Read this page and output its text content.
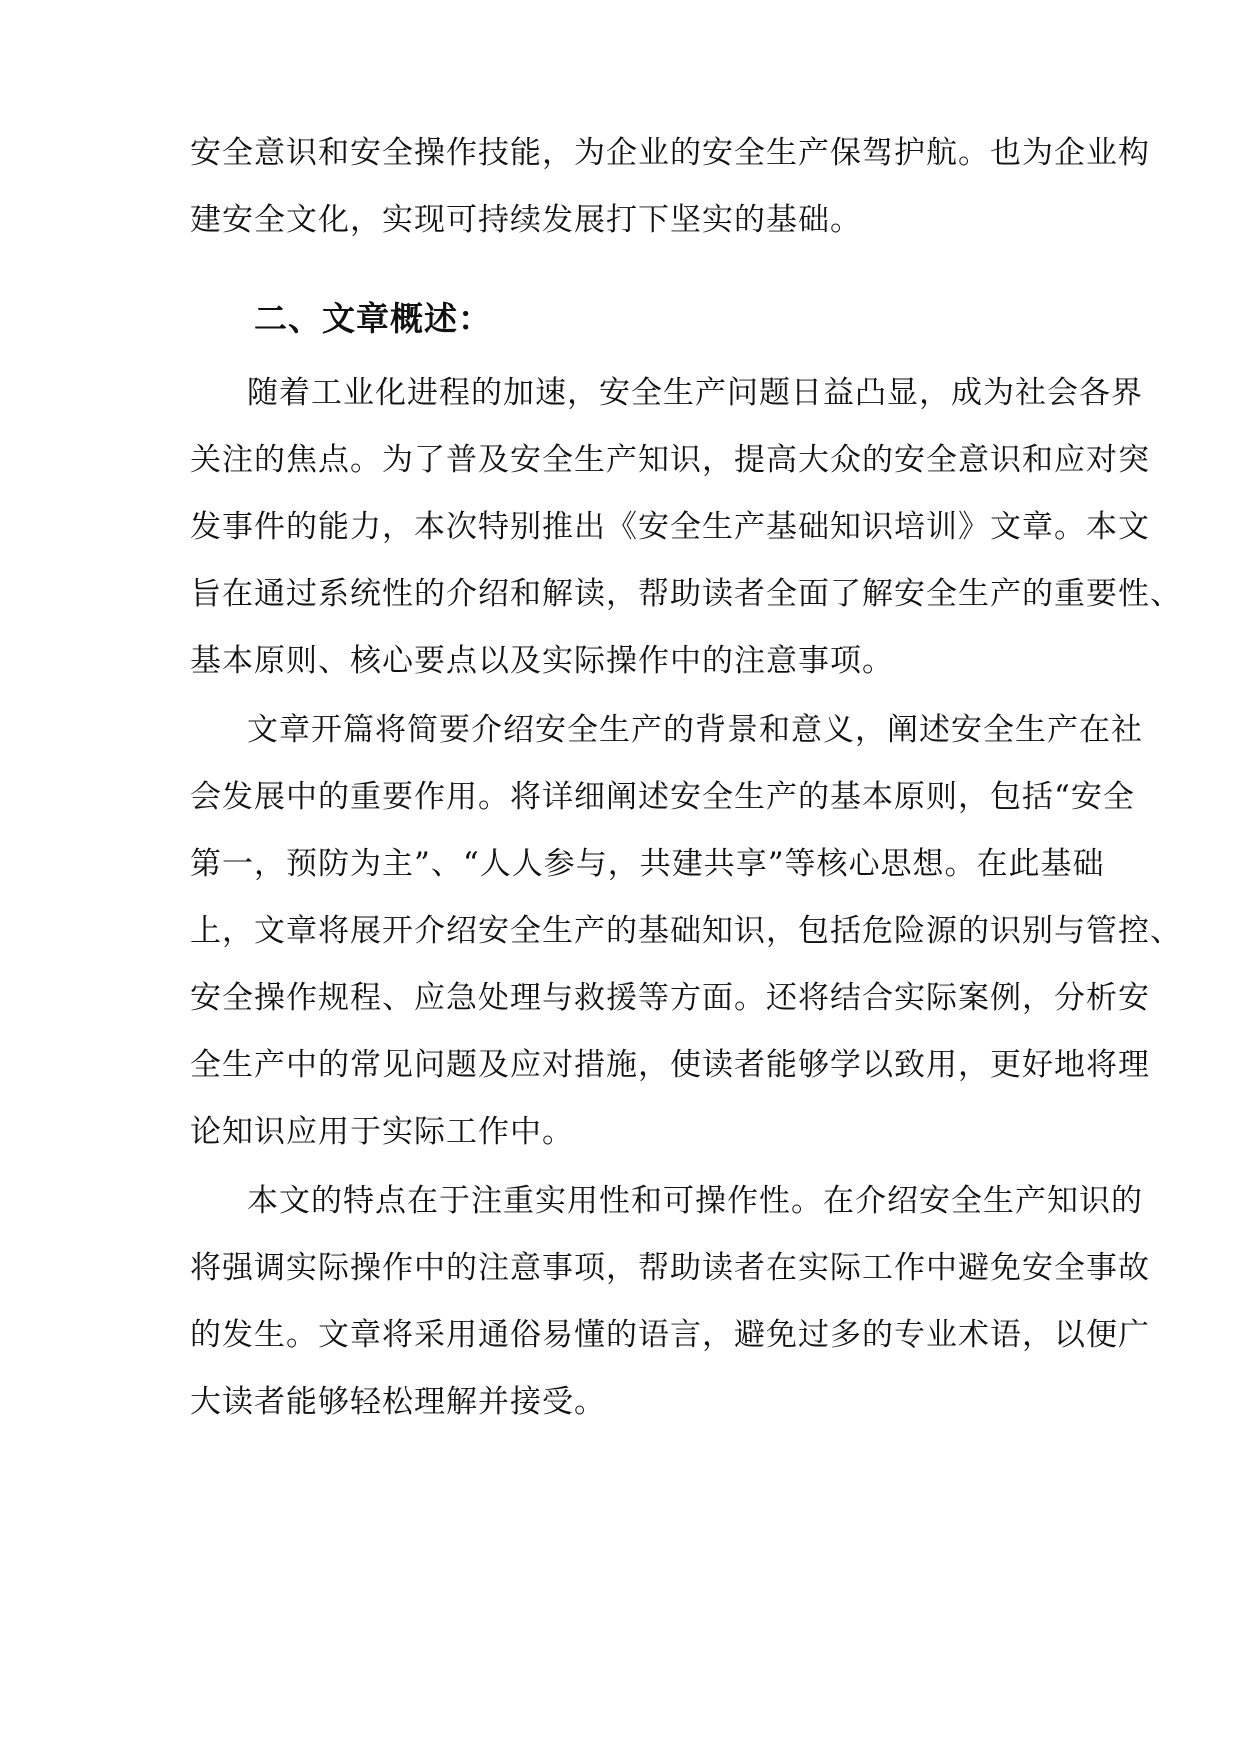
安全意识和安全操作技能，为企业的安全生产保驾护航。也为企业构
建安全文化，实现可持续发展打下坚实的基础。
二、文章概述：
随着工业化进程的加速，安全生产问题日益凸显，成为社会各界
关注的焦点。为了普及安全生产知识，提高大众的安全意识和应对突
发事件的能力，本次特别推出《安全生产基础知识培训》文章。本文
旨在通过系统性的介绍和解读，帮助读者全面了解安全生产的重要性、
基本原则、核心要点以及实际操作中的注意事项。
文章开篇将简要介绍安全生产的背景和意义，阐述安全生产在社
会发展中的重要作用。将详细阐述安全生产的基本原则，包括“安全
第一，预防为主”、“人人参与，共建共享”等核心思想。在此基础
上，文章将展开介绍安全生产的基础知识，包括危险源的识别与管控、
安全操作规程、应急处理与救援等方面。还将结合实际案例，分析安
全生产中的常见问题及应对措施，使读者能够学以致用，更好地将理
论知识应用于实际工作中。
本文的特点在于注重实用性和可操作性。在介绍安全生产知识的
将强调实际操作中的注意事项，帮助读者在实际工作中避免安全事故
的发生。文章将采用通俗易懂的语言，避免过多的专业术语，以便广
大读者能够轻松理解并接受。
